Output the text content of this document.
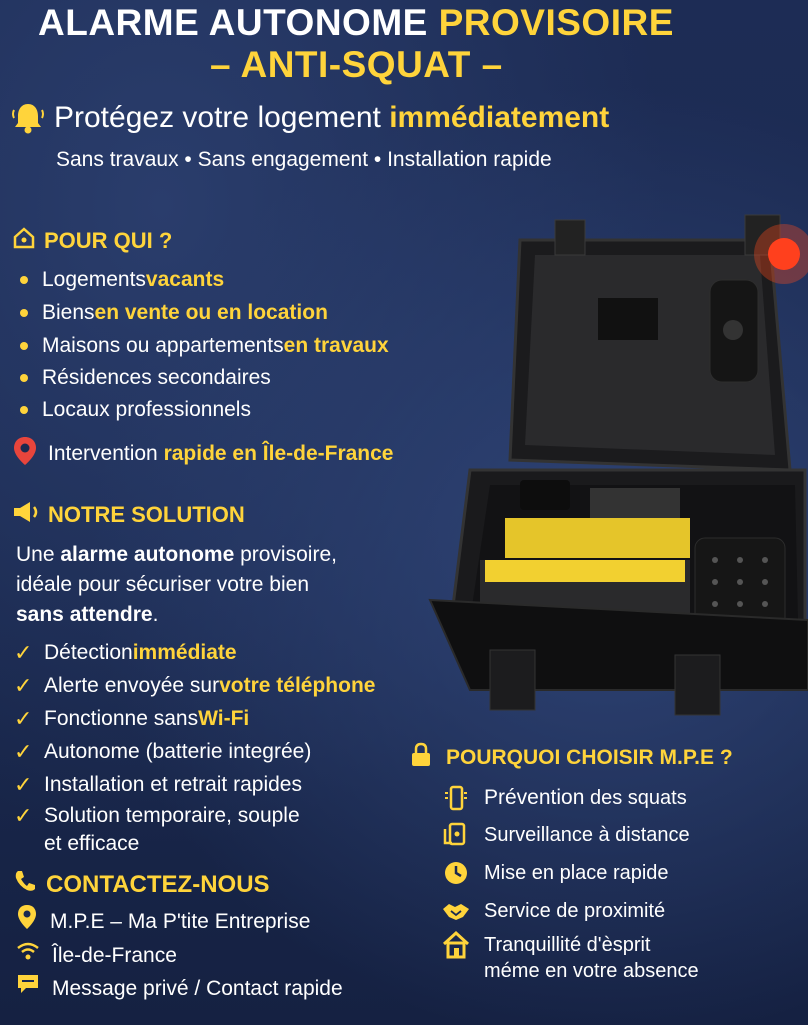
ALARME AUTONOME PROVISOIRE
– ANTI-SQUAT –
Protégez votre logement immédiatement
Sans travaux • Sans engagement • Installation rapide
POUR QUI ?
Logements vacants
Biens en vente ou en location
Maisons ou appartements en travaux
Résidences secondaires
Locaux professionnels
Intervention rapide en Île-de-France
NOTRE SOLUTION
Une alarme autonome provisoire,
idéale pour sécuriser votre bien
sans attendre.
✓ Détection immédiate
✓ Alerte envoyée sur votre téléphone
✓ Fonctionne sans Wi-Fi
✓ Autonome (batterie integrée)
✓ Installation et retrait rapides
✓ Solution temporaire, souple
et efficace
CONTACTEZ-NOUS
M.P.E – Ma P'tite Entreprise
Île-de-France
Message privé / Contact rapide
POURQUOI CHOISIR M.P.E ?
Prévention des squats
Surveillance à distance
Mise en place rapide
Service de proximité
Tranquillité d'èsprit
méme en votre absence
